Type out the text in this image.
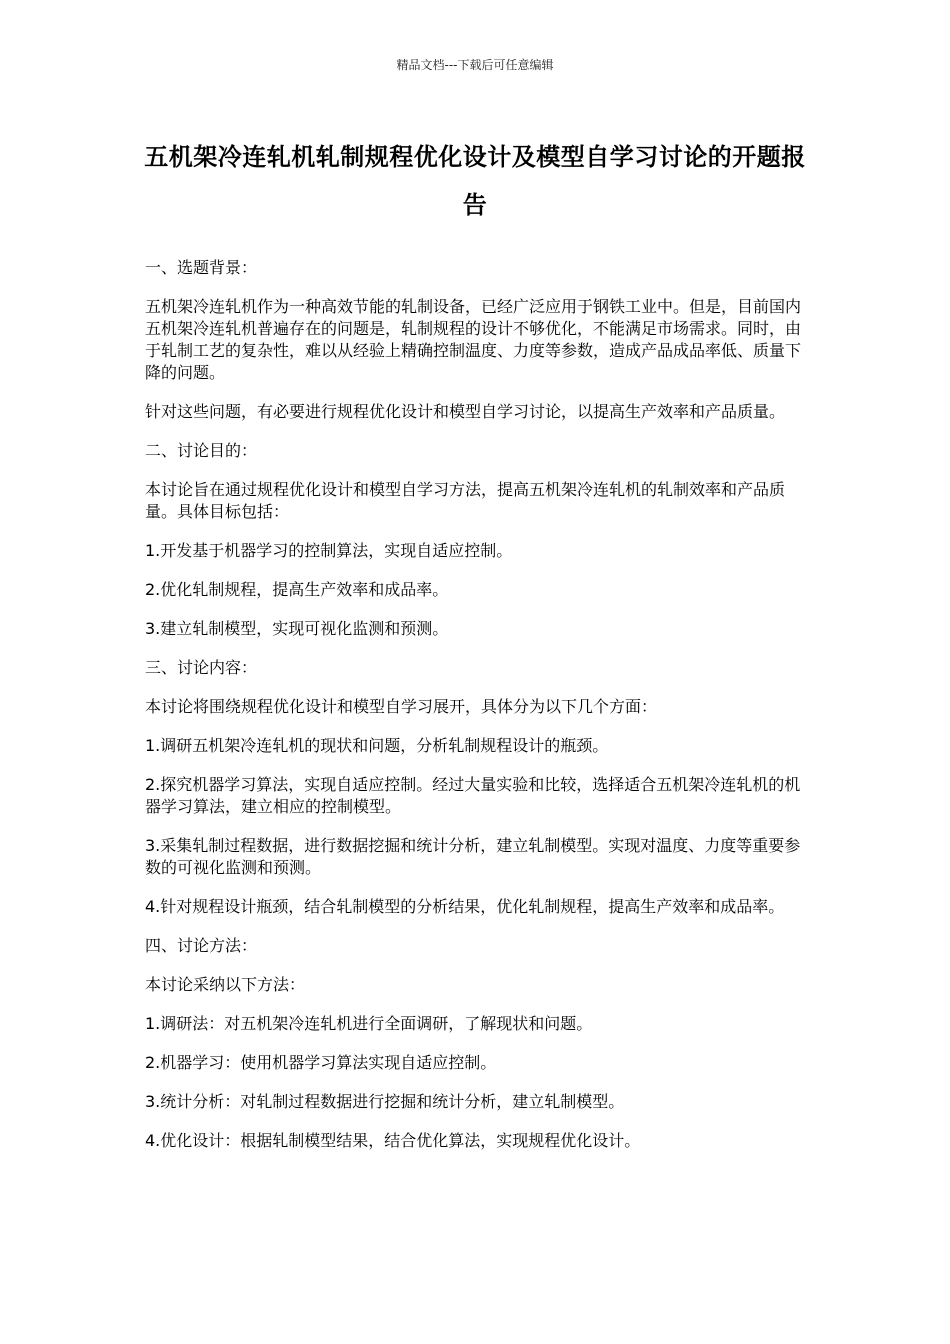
精品文档---下载后可任意编辑
五机架冷连轧机轧制规程优化设计及模型自学习讨论的开题报告

一、选题背景：

五机架冷连轧机作为一种高效节能的轧制设备，已经广泛应用于钢铁工业中。但是，目前国内五机架冷连轧机普遍存在的问题是，轧制规程的设计不够优化，不能满足市场需求。同时，由于轧制工艺的复杂性，难以从经验上精确控制温度、力度等参数，造成产品成品率低、质量下降的问题。

针对这些问题，有必要进行规程优化设计和模型自学习讨论，以提高生产效率和产品质量。

二、讨论目的：

本讨论旨在通过规程优化设计和模型自学习方法，提高五机架冷连轧机的轧制效率和产品质量。具体目标包括：

1.开发基于机器学习的控制算法，实现自适应控制。

2.优化轧制规程，提高生产效率和成品率。

3.建立轧制模型，实现可视化监测和预测。

三、讨论内容：

本讨论将围绕规程优化设计和模型自学习展开，具体分为以下几个方面：

1.调研五机架冷连轧机的现状和问题，分析轧制规程设计的瓶颈。

2.探究机器学习算法，实现自适应控制。经过大量实验和比较，选择适合五机架冷连轧机的机器学习算法，建立相应的控制模型。

3.采集轧制过程数据，进行数据挖掘和统计分析，建立轧制模型。实现对温度、力度等重要参数的可视化监测和预测。

4.针对规程设计瓶颈，结合轧制模型的分析结果，优化轧制规程，提高生产效率和成品率。

四、讨论方法：

本讨论采纳以下方法：

1.调研法：对五机架冷连轧机进行全面调研，了解现状和问题。

2.机器学习：使用机器学习算法实现自适应控制。

3.统计分析：对轧制过程数据进行挖掘和统计分析，建立轧制模型。

4.优化设计：根据轧制模型结果，结合优化算法，实现规程优化设计。
